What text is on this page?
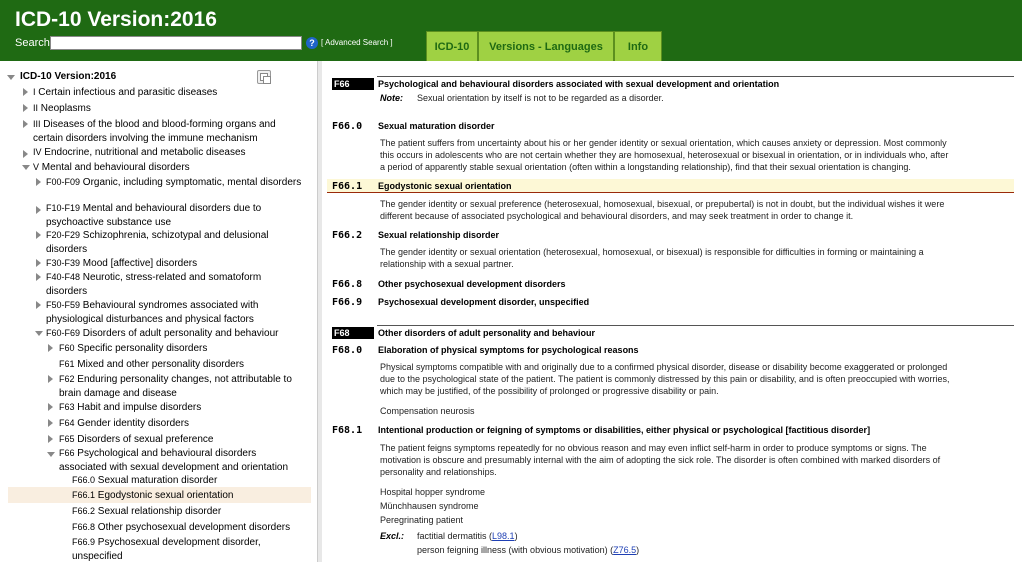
ICD-10 Version:2016
Search	? [ Advanced Search ]	ICD-10	Versions - Languages	Info
ICD-10 Version:2016
I Certain infectious and parasitic diseases
II Neoplasms
III Diseases of the blood and blood-forming organs and
certain disorders involving the immune mechanism
IV Endocrine, nutritional and metabolic diseases
V Mental and behavioural disorders
F00-F09 Organic, including symptomatic, mental disorders
F10-F19 Mental and behavioural disorders due to
psychoactive substance use
F20-F29 Schizophrenia, schizotypal and delusional
disorders
F30-F39 Mood [affective] disorders
F40-F48 Neurotic, stress-related and somatoform
disorders
F50-F59 Behavioural syndromes associated with
physiological disturbances and physical factors
F60-F69 Disorders of adult personality and behaviour
F60 Specific personality disorders
F61 Mixed and other personality disorders
F62 Enduring personality changes, not attributable to
brain damage and disease
F63 Habit and impulse disorders
F64 Gender identity disorders
F65 Disorders of sexual preference
F66 Psychological and behavioural disorders
associated with sexual development and orientation
F66.0 Sexual maturation disorder
F66.1 Egodystonic sexual orientation
F66.2 Sexual relationship disorder
F66.8 Other psychosexual development disorders
F66.9 Psychosexual development disorder,
unspecified
F66	Psychological and behavioural disorders associated with sexual development and orientation
Note: Sexual orientation by itself is not to be regarded as a disorder.
F66.0 Sexual maturation disorder
The patient suffers from uncertainty about his or her gender identity or sexual orientation, which causes anxiety or depression. Most commonly
this occurs in adolescents who are not certain whether they are homosexual, heterosexual or bisexual in orientation, or in individuals who, after
a period of apparently stable sexual orientation (often within a longstanding relationship), find that their sexual orientation is changing.
F66.1 Egodystonic sexual orientation
The gender identity or sexual preference (heterosexual, homosexual, bisexual, or prepubertal) is not in doubt, but the individual wishes it were
different because of associated psychological and behavioural disorders, and may seek treatment in order to change it.
F66.2 Sexual relationship disorder
The gender identity or sexual orientation (heterosexual, homosexual, or bisexual) is responsible for difficulties in forming or maintaining a
relationship with a sexual partner.
F66.8 Other psychosexual development disorders
F66.9 Psychosexual development disorder, unspecified
F68	Other disorders of adult personality and behaviour
F68.0 Elaboration of physical symptoms for psychological reasons
Physical symptoms compatible with and originally due to a confirmed physical disorder, disease or disability become exaggerated or prolonged
due to the psychological state of the patient. The patient is commonly distressed by this pain or disability, and is often preoccupied with worries,
which may be justified, of the possibility of prolonged or progressive disability or pain.
Compensation neurosis
F68.1 Intentional production or feigning of symptoms or disabilities, either physical or psychological [factitious disorder]
The patient feigns symptoms repeatedly for no obvious reason and may even inflict self-harm in order to produce symptoms or signs. The
motivation is obscure and presumably internal with the aim of adopting the sick role. The disorder is often combined with marked disorders of
personality and relationships.
Hospital hopper syndrome
Münchhausen syndrome
Peregrinating patient
Excl.: factitial dermatitis (L98.1)
person feigning illness (with obvious motivation) (Z76.5)
